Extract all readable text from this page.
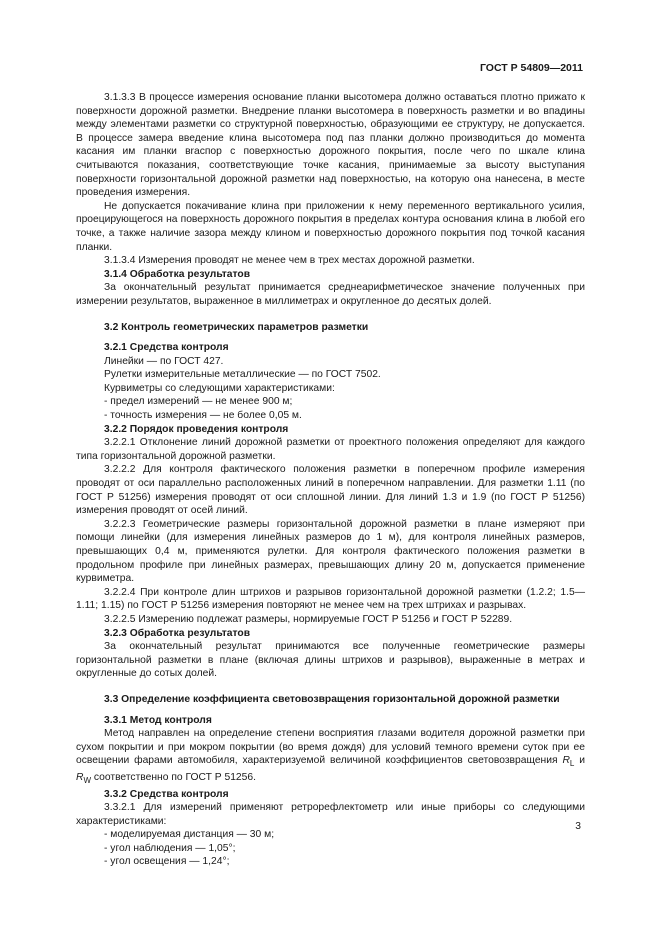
ГОСТ Р 54809—2011

3.1.3.3 В процессе измерения основание планки высотомера должно оставаться плотно прижато к поверхности дорожной разметки. Внедрение планки высотомера в поверхность разметки и во впадины между элементами разметки со структурной поверхностью, образующими ее структуру, не допускается. В процессе замера введение клина высотомера под паз планки должно производиться до момента касания им планки вraспор с поверхностью дорожного покрытия, после чего по шкале клина считываются показания, соответствующие точке касания, принимаемые за высоту выступания поверхности горизонтальной дорожной разметки над поверхностью, на которую она нанесена, в месте проведения измерения.

Не допускается покачивание клина при приложении к нему переменного вертикального усилия, проецирующегося на поверхность дорожного покрытия в пределах контура основания клина в любой его точке, а также наличие зазора между клином и поверхностью дорожного покрытия под точкой касания планки.

3.1.3.4 Измерения проводят не менее чем в трех местах дорожной разметки.

3.1.4 Обработка результатов

За окончательный результат принимается среднеарифметическое значение полученных при измерении результатов, выраженное в миллиметрах и округленное до десятых долей.

3.2 Контроль геометрических параметров разметки

3.2.1 Средства контроля

Линейки — по ГОСТ 427.

Рулетки измерительные металлические — по ГОСТ 7502.

Курвиметры со следующими характеристиками:

- предел измерений — не менее 900 м;

- точность измерения — не более 0,05 м.

3.2.2 Порядок проведения контроля

3.2.2.1 Отклонение линий дорожной разметки от проектного положения определяют для каждого типа горизонтальной дорожной разметки.

3.2.2.2 Для контроля фактического положения разметки в поперечном профиле измерения проводят от оси параллельно расположенных линий в поперечном направлении. Для разметки 1.11 (по ГОСТ Р 51256) измерения проводят от оси сплошной линии. Для линий 1.3 и 1.9 (по ГОСТ Р 51256) измерения проводят от осей линий.

3.2.2.3 Геометрические размеры горизонтальной дорожной разметки в плане измеряют при помощи линейки (для измерения линейных размеров до 1 м), для контроля линейных размеров, превышающих 0,4 м, применяются рулетки. Для контроля фактического положения разметки в продольном профиле при линейных размерах, превышающих длину 20 м, допускается применение курвиметра.

3.2.2.4 При контроле длин штрихов и разрывов горизонтальной дорожной разметки (1.2.2; 1.5—1.11; 1.15) по ГОСТ Р 51256 измерения повторяют не менее чем на трех штрихах и разрывах.

3.2.2.5 Измерению подлежат размеры, нормируемые ГОСТ Р 51256 и ГОСТ Р 52289.

3.2.3 Обработка результатов

За окончательный результат принимаются все полученные геометрические размеры горизонтальной разметки в плане (включая длины штрихов и разрывов), выраженные в метрах и округленные до сотых долей.

3.3 Определение коэффициента световозвращения горизонтальной дорожной разметки

3.3.1 Метод контроля

Метод направлен на определение степени восприятия глазами водителя дорожной разметки при сухом покрытии и при мокром покрытии (во время дождя) для условий темного времени суток при ее освещении фарами автомобиля, характеризуемой величиной коэффициентов световозвращения $R_L$ и $R_W$ соответственно по ГОСТ Р 51256.

3.3.2 Средства контроля

3.3.2.1 Для измерений применяют ретрорефлектометр или иные приборы со следующими характеристиками:

- моделируемая дистанция — 30 м;

- угол наблюдения — 1,05°;

- угол освещения — 1,24°;

3
